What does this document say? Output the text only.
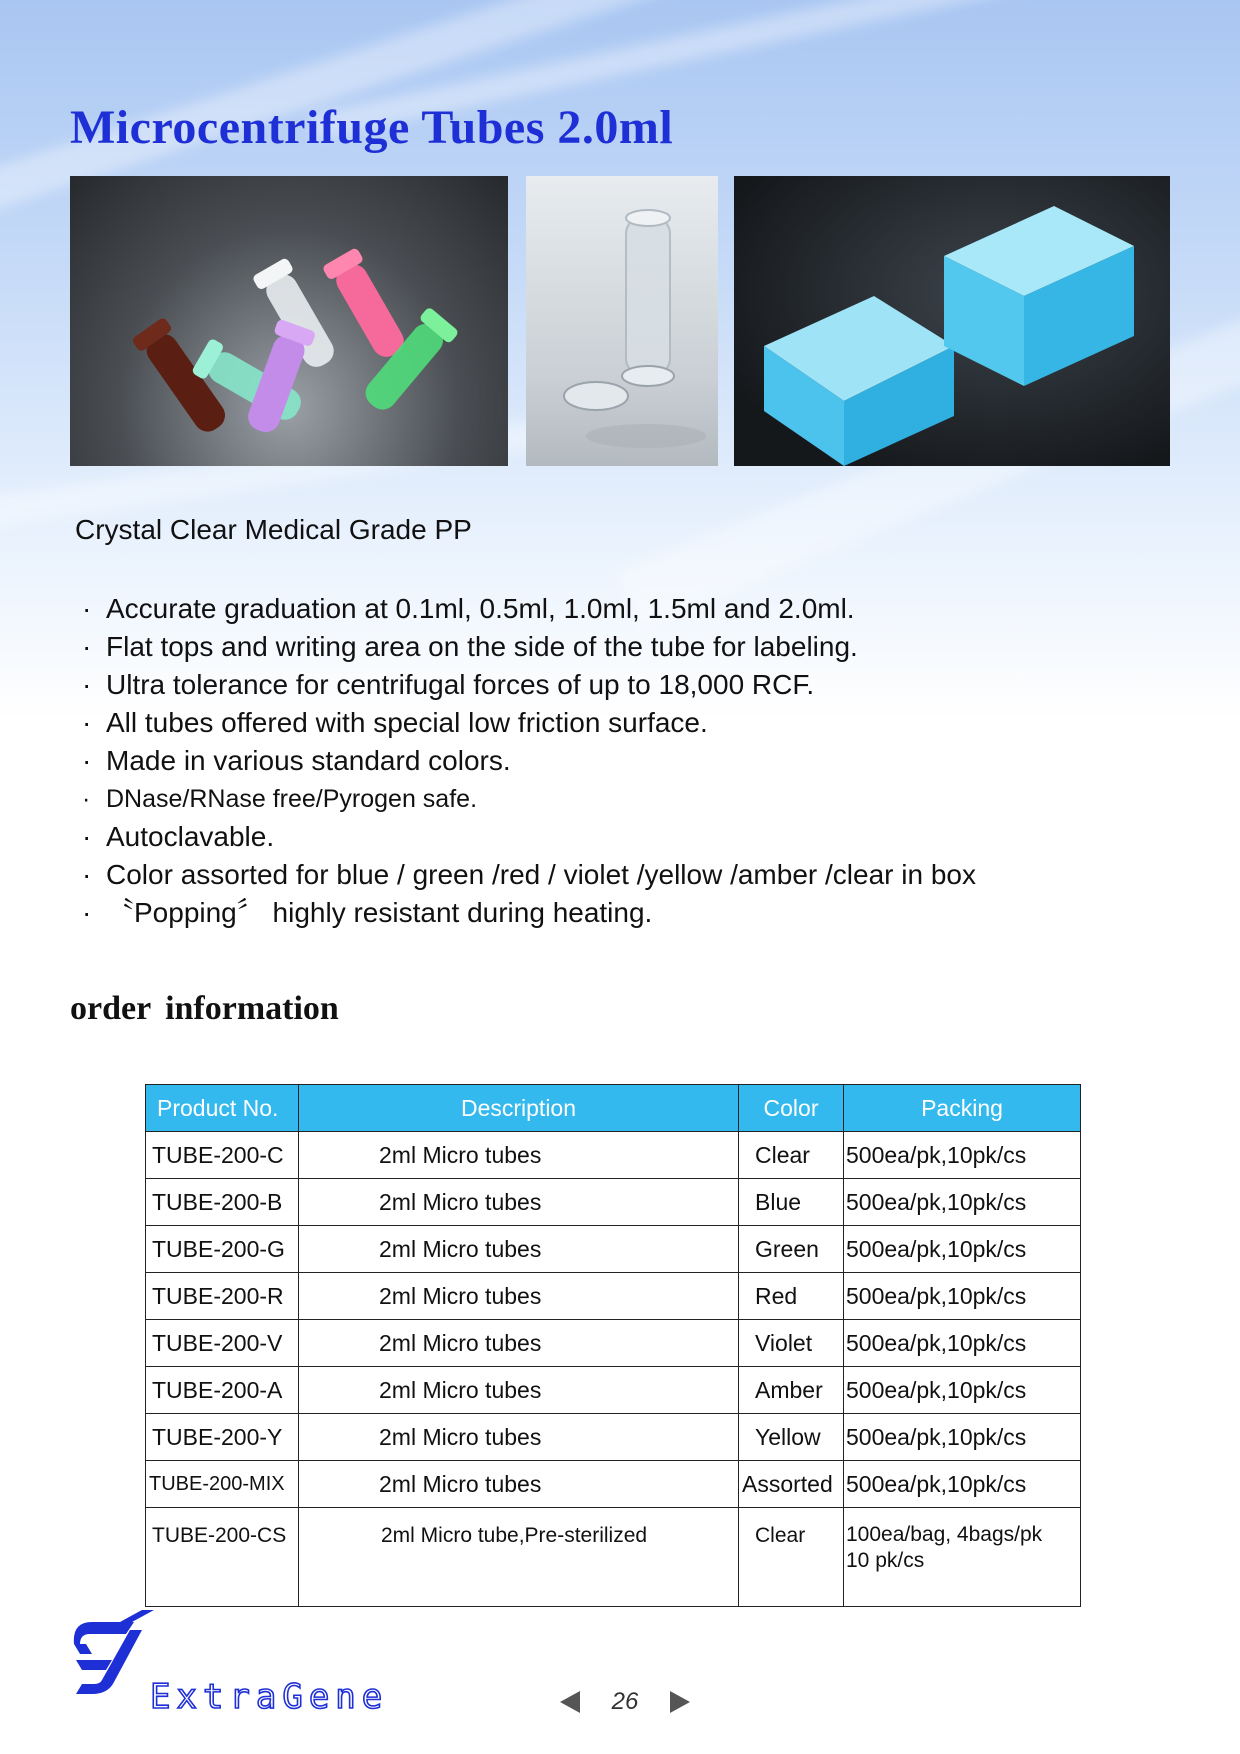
Microcentrifuge Tubes 2.0ml

Crystal Clear Medical Grade PP

· Accurate graduation at 0.1ml, 0.5ml, 1.0ml, 1.5ml and 2.0ml.
· Flat tops and writing area on the side of the tube for labeling.
· Ultra tolerance for centrifugal forces of up to 18,000 RCF.
· All tubes offered with special low friction surface.
· Made in various standard colors.
· DNase/RNase free/Pyrogen safe.
· Autoclavable.
· Color assorted for blue / green /red / violet /yellow /amber /clear in box
· 〝Popping〞 highly resistant during heating.
order information
Product No.	Description	Color	Packing
TUBE-200-C	2ml Micro tubes	Clear	500ea/pk,10pk/cs
TUBE-200-B	2ml Micro tubes	Blue	500ea/pk,10pk/cs
TUBE-200-G	2ml Micro tubes	Green	500ea/pk,10pk/cs
TUBE-200-R	2ml Micro tubes	Red	500ea/pk,10pk/cs
TUBE-200-V	2ml Micro tubes	Violet	500ea/pk,10pk/cs
TUBE-200-A	2ml Micro tubes	Amber	500ea/pk,10pk/cs
TUBE-200-Y	2ml Micro tubes	Yellow	500ea/pk,10pk/cs
TUBE-200-MIX	2ml Micro tubes	Assorted	500ea/pk,10pk/cs
TUBE-200-CS	2ml Micro tube,Pre-sterilized	Clear	100ea/bag, 4bags/pk
10 pk/cs
ExtraGene	26
